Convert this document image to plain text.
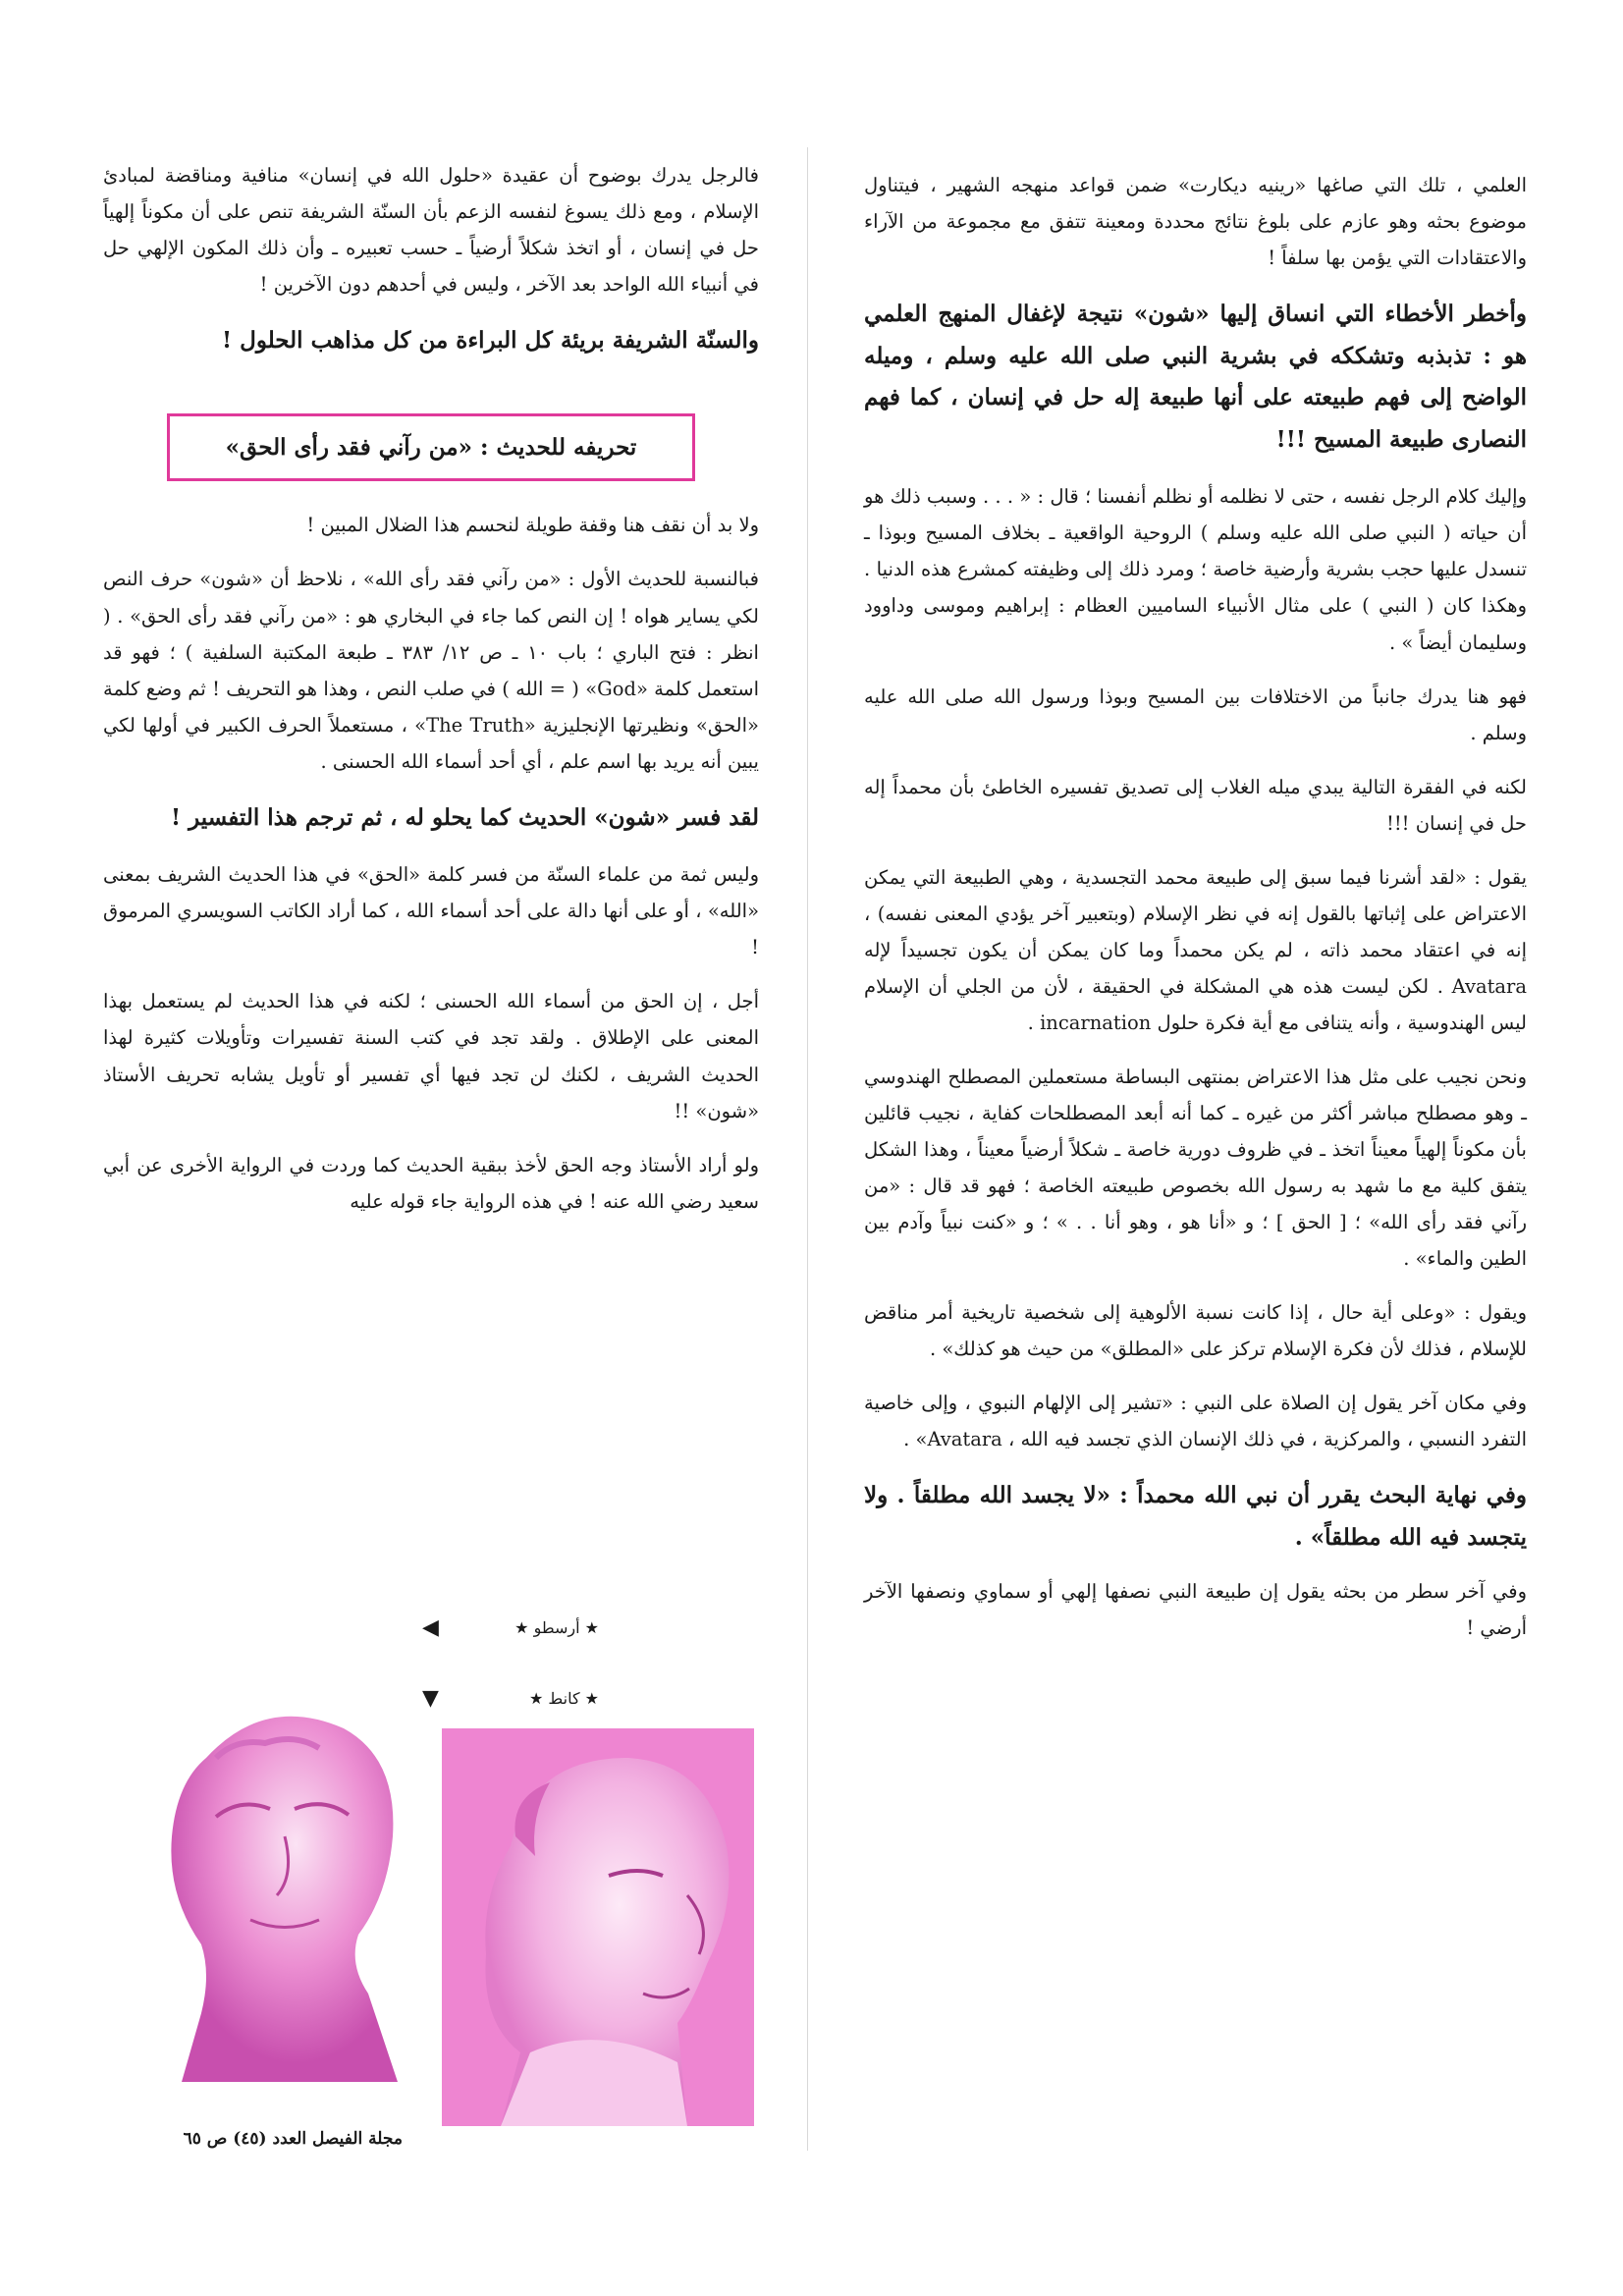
العلمي ، تلك التي صاغها «رينيه ديكارت» ضمن قواعد منهجه الشهير ، فيتناول موضوع بحثه وهو عازم على بلوغ نتائج محددة ومعينة تتفق مع مجموعة من الآراء والاعتقادات التي يؤمن بها سلفاً !

وأخطر الأخطاء التي انساق إليها «شون» نتيجة لإغفال المنهج العلمي هو : تذبذبه وتشككه في بشرية النبي صلى الله عليه وسلم ، وميله الواضح إلى فهم طبيعته على أنها طبيعة إله حل في إنسان ، كما فهم النصارى طبيعة المسيح !!!

وإليك كلام الرجل نفسه ، حتى لا نظلمه أو نظلم أنفسنا ؛ قال : « . . . وسبب ذلك هو أن حياته ( النبي صلى الله عليه وسلم ) الروحية الواقعية ـ بخلاف المسيح وبوذا ـ تنسدل عليها حجب بشرية وأرضية خاصة ؛ ومرد ذلك إلى وظيفته كمشرع هذه الدنيا . وهكذا كان ( النبي ) على مثال الأنبياء الساميين العظام : إبراهيم وموسى وداوود وسليمان أيضاً » .

فهو هنا يدرك جانباً من الاختلافات بين المسيح وبوذا ورسول الله صلى الله عليه وسلم .

لكنه في الفقرة التالية يبدي ميله الغلاب إلى تصديق تفسيره الخاطئ بأن محمداً إله حل في إنسان !!!

يقول : «لقد أشرنا فيما سبق إلى طبيعة محمد التجسدية ، وهي الطبيعة التي يمكن الاعتراض على إثباتها بالقول إنه في نظر الإسلام (وبتعبير آخر يؤدي المعنى نفسه) ، إنه في اعتقاد محمد ذاته ، لم يكن محمداً وما كان يمكن أن يكون تجسيداً لإله Avatara . لكن ليست هذه هي المشكلة في الحقيقة ، لأن من الجلي أن الإسلام ليس الهندوسية ، وأنه يتنافى مع أية فكرة حلول incarnation .

ونحن نجيب على مثل هذا الاعتراض بمنتهى البساطة مستعملين المصطلح الهندوسي ـ وهو مصطلح مباشر أكثر من غيره ـ كما أنه أبعد المصطلحات كفاية ، نجيب قائلين بأن مكوناً إلهياً معيناً اتخذ ـ في ظروف دورية خاصة ـ شكلاً أرضياً معيناً ، وهذا الشكل يتفق كلية مع ما شهد به رسول الله بخصوص طبيعته الخاصة ؛ فهو قد قال : «من رآني فقد رأى الله» ؛ [ الحق ] ؛ و «أنا هو ، وهو أنا . . » ؛ و «كنت نبياً وآدم بين الطين والماء» .

ويقول : «وعلى أية حال ، إذا كانت نسبة الألوهية إلى شخصية تاريخية أمر مناقض للإسلام ، فذلك لأن فكرة الإسلام تركز على «المطلق» من حيث هو كذلك» .

وفي مكان آخر يقول إن الصلاة على النبي : «تشير إلى الإلهام النبوي ، وإلى خاصية التفرد النسبي ، والمركزية ، في ذلك الإنسان الذي تجسد فيه الله ، Avatara» .

وفي نهاية البحث يقرر أن نبي الله محمداً : «لا يجسد الله مطلقاً . ولا يتجسد فيه الله مطلقاً» .

وفي آخر سطر من بحثه يقول إن طبيعة النبي نصفها إلهي أو سماوي ونصفها الآخر أرضي !

فالرجل يدرك بوضوح أن عقيدة «حلول الله في إنسان» منافية ومناقضة لمبادئ الإسلام ، ومع ذلك يسوغ لنفسه الزعم بأن السنّة الشريفة تنص على أن مكوناً إلهياً حل في إنسان ، أو اتخذ شكلاً أرضياً ـ حسب تعبيره ـ وأن ذلك المكون الإلهي حل في أنبياء الله الواحد بعد الآخر ، وليس في أحدهم دون الآخرين !

والسنّة الشريفة بريئة كل البراءة من كل مذاهب الحلول !

تحريفه للحديث : «من رآني فقد رأى الحق»

ولا بد أن نقف هنا وقفة طويلة لنحسم هذا الضلال المبين !

فبالنسبة للحديث الأول : «من رآني فقد رأى الله» ، نلاحظ أن «شون» حرف النص لكي يساير هواه ! إن النص كما جاء في البخاري هو : «من رآني فقد رأى الحق» . ( انظر : فتح الباري ؛ باب ١٠ ـ ص ١٢/ ٣٨٣ ـ طبعة المكتبة السلفية ) ؛ فهو قد استعمل كلمة «God» ( = الله ) في صلب النص ، وهذا هو التحريف ! ثم وضع كلمة «الحق» ونظيرتها الإنجليزية «The Truth» ، مستعملاً الحرف الكبير في أولها لكي يبين أنه يريد بها اسم علم ، أي أحد أسماء الله الحسنى .

لقد فسر «شون» الحديث كما يحلو له ، ثم ترجم هذا التفسير !

وليس ثمة من علماء السنّة من فسر كلمة «الحق» في هذا الحديث الشريف بمعنى «الله» ، أو على أنها دالة على أحد أسماء الله ، كما أراد الكاتب السويسري المرموق !

أجل ، إن الحق من أسماء الله الحسنى ؛ لكنه في هذا الحديث لم يستعمل بهذا المعنى على الإطلاق . ولقد تجد في كتب السنة تفسيرات وتأويلات كثيرة لهذا الحديث الشريف ، لكنك لن تجد فيها أي تفسير أو تأويل يشابه تحريف الأستاذ «شون» !!

ولو أراد الأستاذ وجه الحق لأخذ ببقية الحديث كما وردت في الرواية الأخرى عن أبي سعيد رضي الله عنه ! في هذه الرواية جاء قوله عليه

★ أرسطو ★
◀
★ كانط ★
▼
مجلة الفيصل العدد (٤٥) ص ٦٥
